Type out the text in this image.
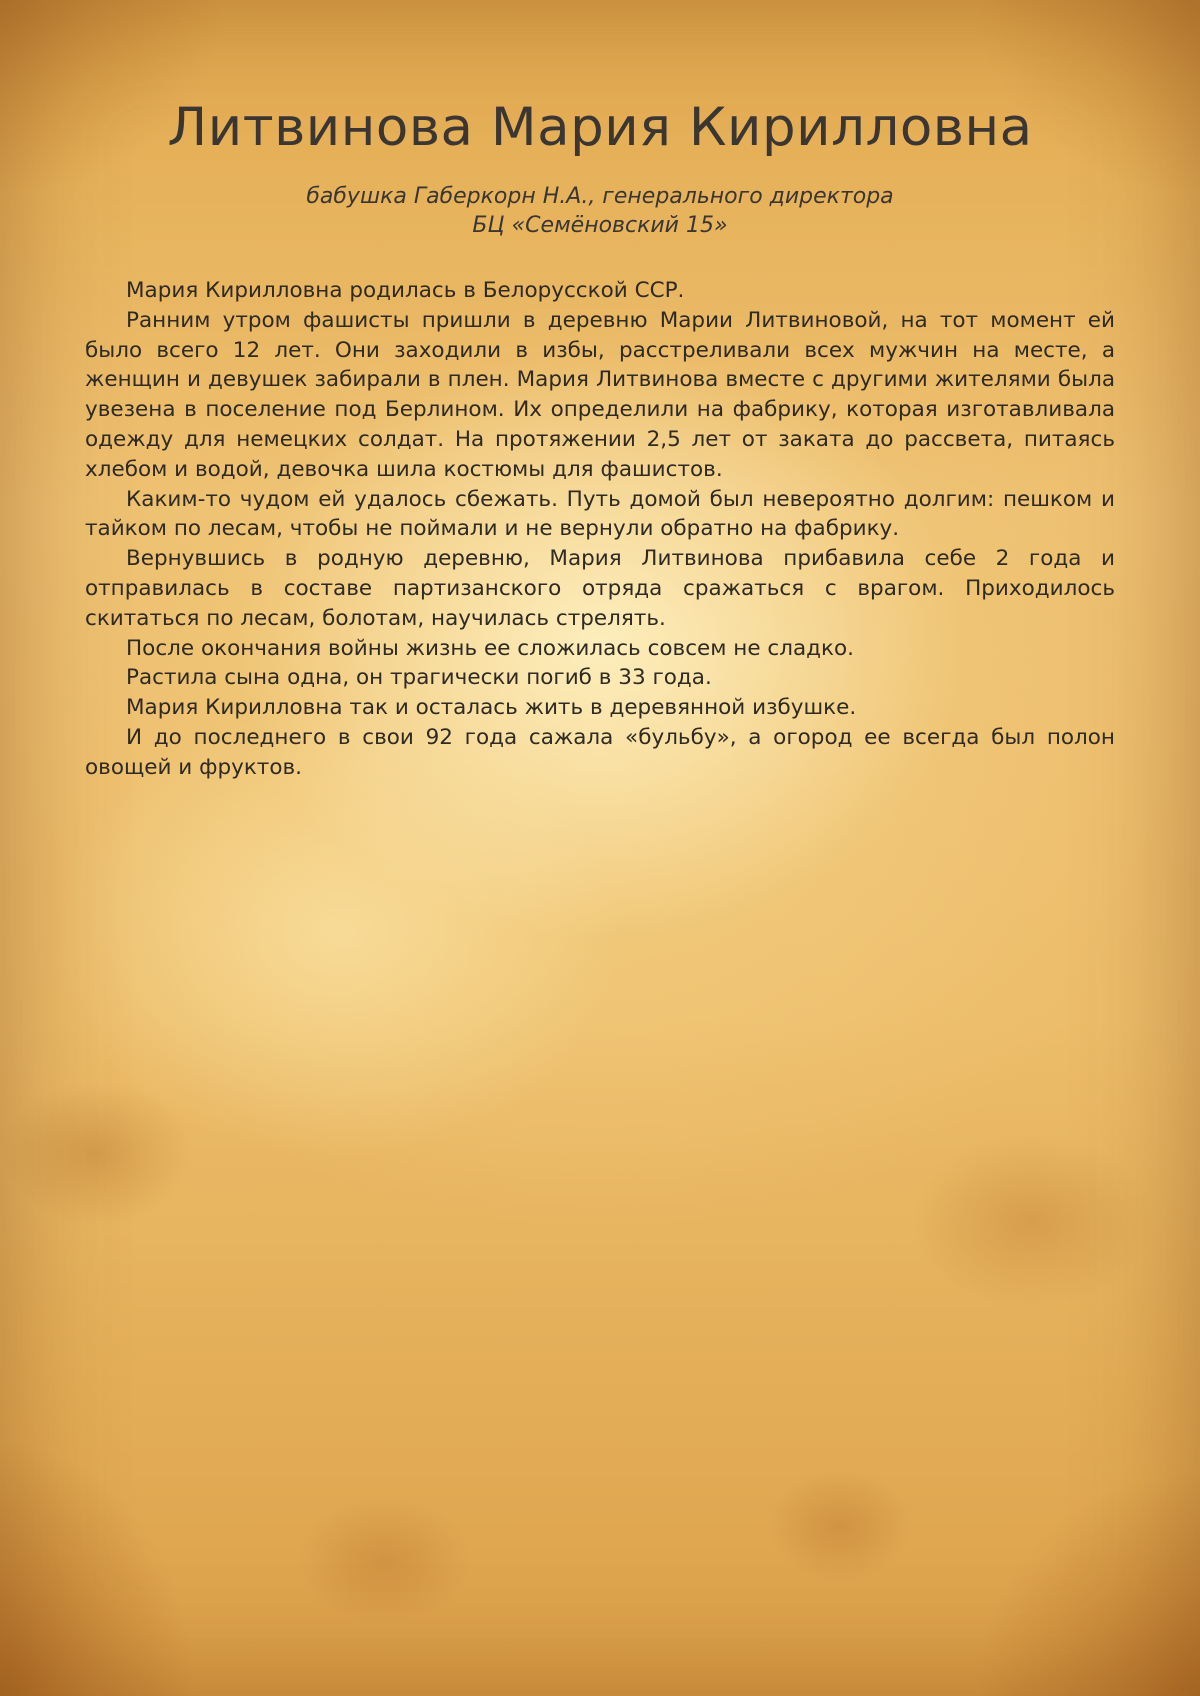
Литвинова Мария Кирилловна
бабушка Габеркорн Н.А., генерального директора
БЦ «Семёновский 15»

Мария Кирилловна родилась в Белорусской ССР.

Ранним утром фашисты пришли в деревню Марии Литвиновой, на тот момент ей было всего 12 лет. Они заходили в избы, расстреливали всех мужчин на месте, а женщин и девушек забирали в плен. Мария Литвинова вместе с другими жителями была увезена в поселение под Берлином. Их определили на фабрику, которая изготавливала одежду для немецких солдат. На протяжении 2,5 лет от заката до рассвета, питаясь хлебом и водой, девочка шила костюмы для фашистов.

Каким-то чудом ей удалось сбежать. Путь домой был невероятно долгим: пешком и тайком по лесам, чтобы не поймали и не вернули обратно на фабрику.

Вернувшись в родную деревню, Мария Литвинова прибавила себе 2 года и отправилась в составе партизанского отряда сражаться с врагом. Приходилось скитаться по лесам, болотам, научилась стрелять.

После окончания войны жизнь ее сложилась совсем не сладко.

Растила сына одна, он трагически погиб в 33 года.

Мария Кирилловна так и осталась жить в деревянной избушке.

И до последнего в свои 92 года сажала «бульбу», а огород ее всегда был полон овощей и фруктов.
